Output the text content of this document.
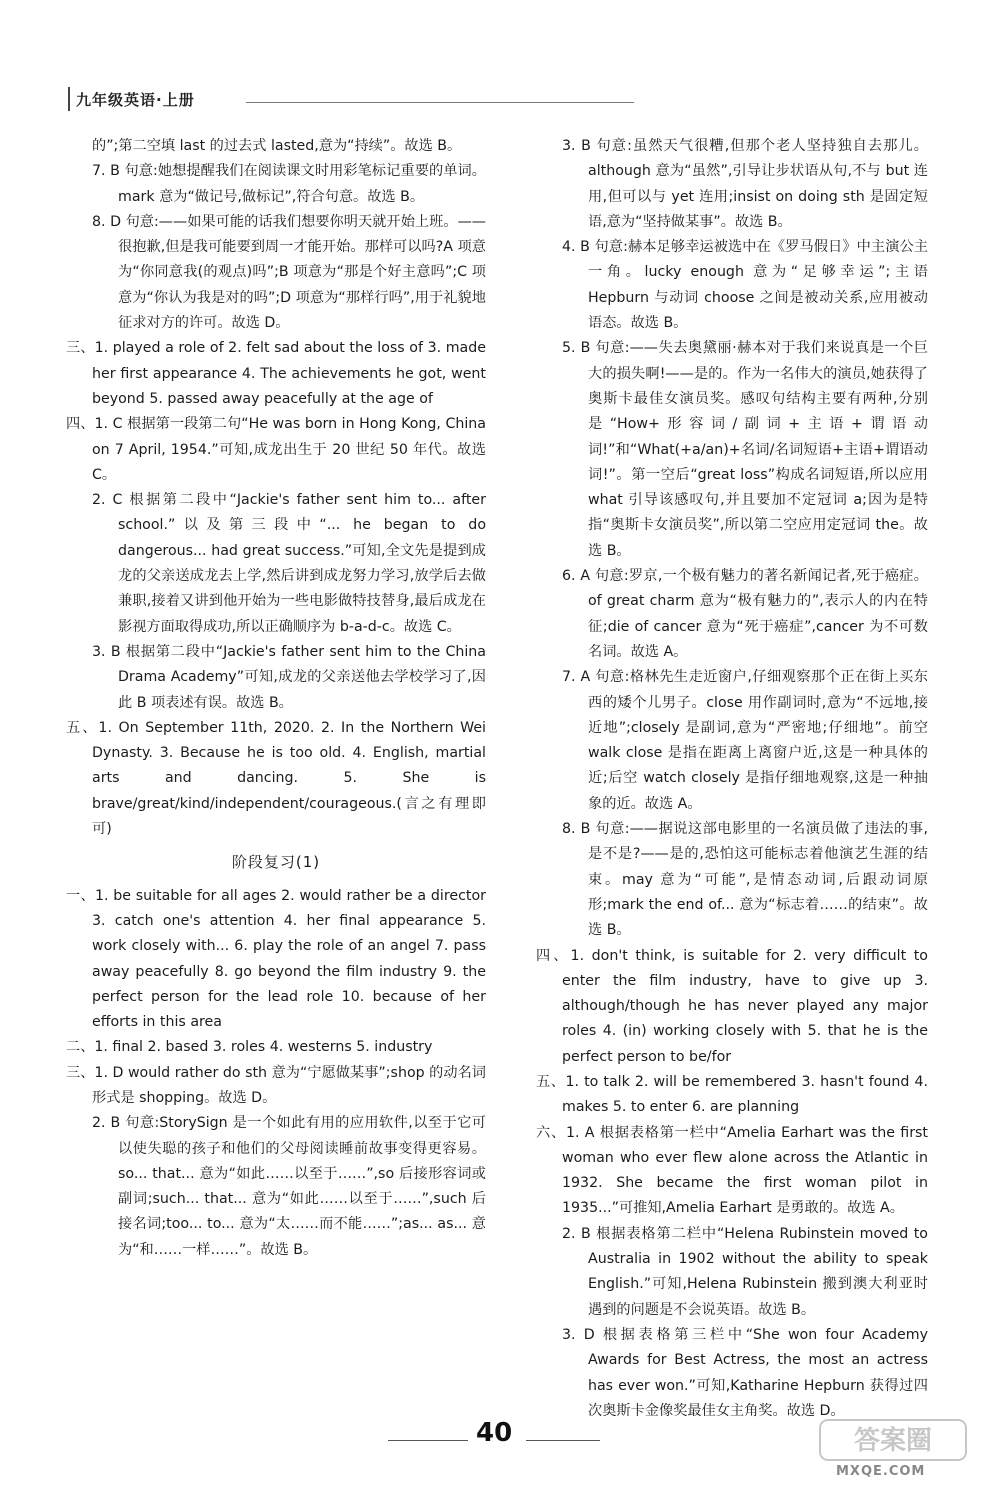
九年级英语·上册

的”;第二空填 last 的过去式 lasted,意为“持续”。故选 B。

7. B 句意:她想提醒我们在阅读课文时用彩笔标记重要的单词。mark 意为“做记号,做标记”,符合句意。故选 B。

8. D 句意:——如果可能的话我们想要你明天就开始上班。——很抱歉,但是我可能要到周一才能开始。那样可以吗?A 项意为“你同意我(的观点)吗”;B 项意为“那是个好主意吗”;C 项意为“你认为我是对的吗”;D 项意为“那样行吗”,用于礼貌地征求对方的许可。故选 D。

三、1. played a role of 2. felt sad about the loss of 3. made her first appearance 4. The achievements he got, went beyond 5. passed away peacefully at the age of

四、1. C 根据第一段第二句“He was born in Hong Kong, China on 7 April, 1954.”可知,成龙出生于 20 世纪 50 年代。故选 C。

2. C 根据第二段中“Jackie's father sent him to... after school.”以及第三段中“... he began to do dangerous... had great success.”可知,全文先是提到成龙的父亲送成龙去上学,然后讲到成龙努力学习,放学后去做兼职,接着又讲到他开始为一些电影做特技替身,最后成龙在影视方面取得成功,所以正确顺序为 b-a-d-c。故选 C。

3. B 根据第二段中“Jackie's father sent him to the China Drama Academy”可知,成龙的父亲送他去学校学习了,因此 B 项表述有误。故选 B。

五、1. On September 11th, 2020. 2. In the Northern Wei Dynasty. 3. Because he is too old. 4. English, martial arts and dancing. 5. She is brave/great/kind/independent/courageous.(言之有理即可)

阶段复习(1)

一、1. be suitable for all ages 2. would rather be a director 3. catch one's attention 4. her final appearance 5. work closely with... 6. play the role of an angel 7. pass away peacefully 8. go beyond the film industry 9. the perfect person for the lead role 10. because of her efforts in this area

二、1. final 2. based 3. roles 4. westerns 5. industry

三、1. D would rather do sth 意为“宁愿做某事”;shop 的动名词形式是 shopping。故选 D。

2. B 句意:StorySign 是一个如此有用的应用软件,以至于它可以使失聪的孩子和他们的父母阅读睡前故事变得更容易。so... that... 意为“如此……以至于……”,so 后接形容词或副词;such... that... 意为“如此……以至于……”,such 后接名词;too... to... 意为“太……而不能……”;as... as... 意为“和……一样……”。故选 B。

3. B 句意:虽然天气很糟,但那个老人坚持独自去那儿。although 意为“虽然”,引导让步状语从句,不与 but 连用,但可以与 yet 连用;insist on doing sth 是固定短语,意为“坚持做某事”。故选 B。

4. B 句意:赫本足够幸运被选中在《罗马假日》中主演公主一角。lucky enough 意为“足够幸运”;主语 Hepburn 与动词 choose 之间是被动关系,应用被动语态。故选 B。

5. B 句意:——失去奥黛丽·赫本对于我们来说真是一个巨大的损失啊!——是的。作为一名伟大的演员,她获得了奥斯卡最佳女演员奖。感叹句结构主要有两种,分别是“How+形容词/副词+主语+谓语动词!”和“What(+a/an)+名词/名词短语+主语+谓语动词!”。第一空后“great loss”构成名词短语,所以应用 what 引导该感叹句,并且要加不定冠词 a;因为是特指“奥斯卡女演员奖”,所以第二空应用定冠词 the。故选 B。

6. A 句意:罗京,一个极有魅力的著名新闻记者,死于癌症。of great charm 意为“极有魅力的”,表示人的内在特征;die of cancer 意为“死于癌症”,cancer 为不可数名词。故选 A。

7. A 句意:格林先生走近窗户,仔细观察那个正在街上买东西的矮个儿男子。close 用作副词时,意为“不远地,接近地”;closely 是副词,意为“严密地;仔细地”。前空 walk close 是指在距离上离窗户近,这是一种具体的近;后空 watch closely 是指仔细地观察,这是一种抽象的近。故选 A。

8. B 句意:——据说这部电影里的一名演员做了违法的事,是不是?——是的,恐怕这可能标志着他演艺生涯的结束。may 意为“可能”,是情态动词,后跟动词原形;mark the end of... 意为“标志着……的结束”。故选 B。

四、1. don't think, is suitable for 2. very difficult to enter the film industry, have to give up 3. although/though he has never played any major roles 4. (in) working closely with 5. that he is the perfect person to be/for

五、1. to talk 2. will be remembered 3. hasn't found 4. makes 5. to enter 6. are planning

六、1. A 根据表格第一栏中“Amelia Earhart was the first woman who ever flew alone across the Atlantic in 1932. She became the first woman pilot in 1935...”可推知,Amelia Earhart 是勇敢的。故选 A。

2. B 根据表格第二栏中“Helena Rubinstein moved to Australia in 1902 without the ability to speak English.”可知,Helena Rubinstein 搬到澳大利亚时遇到的问题是不会说英语。故选 B。

3. D 根据表格第三栏中“She won four Academy Awards for Best Actress, the most an actress has ever won.”可知,Katharine Hepburn 获得过四次奥斯卡金像奖最佳女主角奖。故选 D。

40	答案圈
MXQE.COM
